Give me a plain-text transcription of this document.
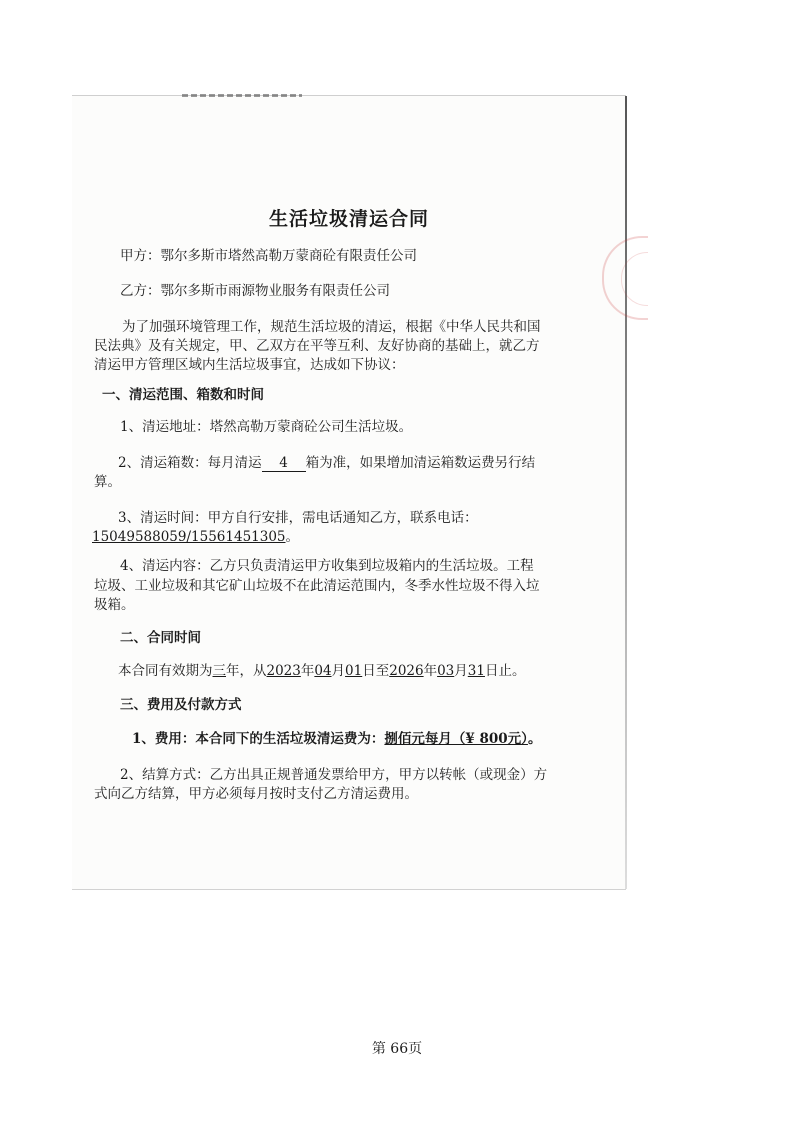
生活垃圾清运合同
甲方：鄂尔多斯市塔然高勒万蒙商砼有限责任公司
乙方：鄂尔多斯市雨源物业服务有限责任公司
为了加强环境管理工作，规范生活垃圾的清运，根据《中华人民共和国
民法典》及有关规定，甲、乙双方在平等互利、友好协商的基础上，就乙方
清运甲方管理区域内生活垃圾事宜，达成如下协议：
一、清运范围、箱数和时间
1、清运地址：塔然高勒万蒙商砼公司生活垃圾。
2、清运箱数：每月清运 4 箱为准，如果增加清运箱数运费另行结
算。
3、清运时间：甲方自行安排，需电话通知乙方，联系电话：
15049588059/15561451305。
4、清运内容：乙方只负责清运甲方收集到垃圾箱内的生活垃圾。工程
垃圾、工业垃圾和其它矿山垃圾不在此清运范围内，冬季水性垃圾不得入垃
圾箱。
二、合同时间
本合同有效期为三年，从2023年04月01日至2026年03月31日止。
三、费用及付款方式
1、费用：本合同下的生活垃圾清运费为：捌佰元每月（¥ 800元）。
2、结算方式：乙方出具正规普通发票给甲方，甲方以转帐（或现金）方
式向乙方结算，甲方必须每月按时支付乙方清运费用。
第 66页
